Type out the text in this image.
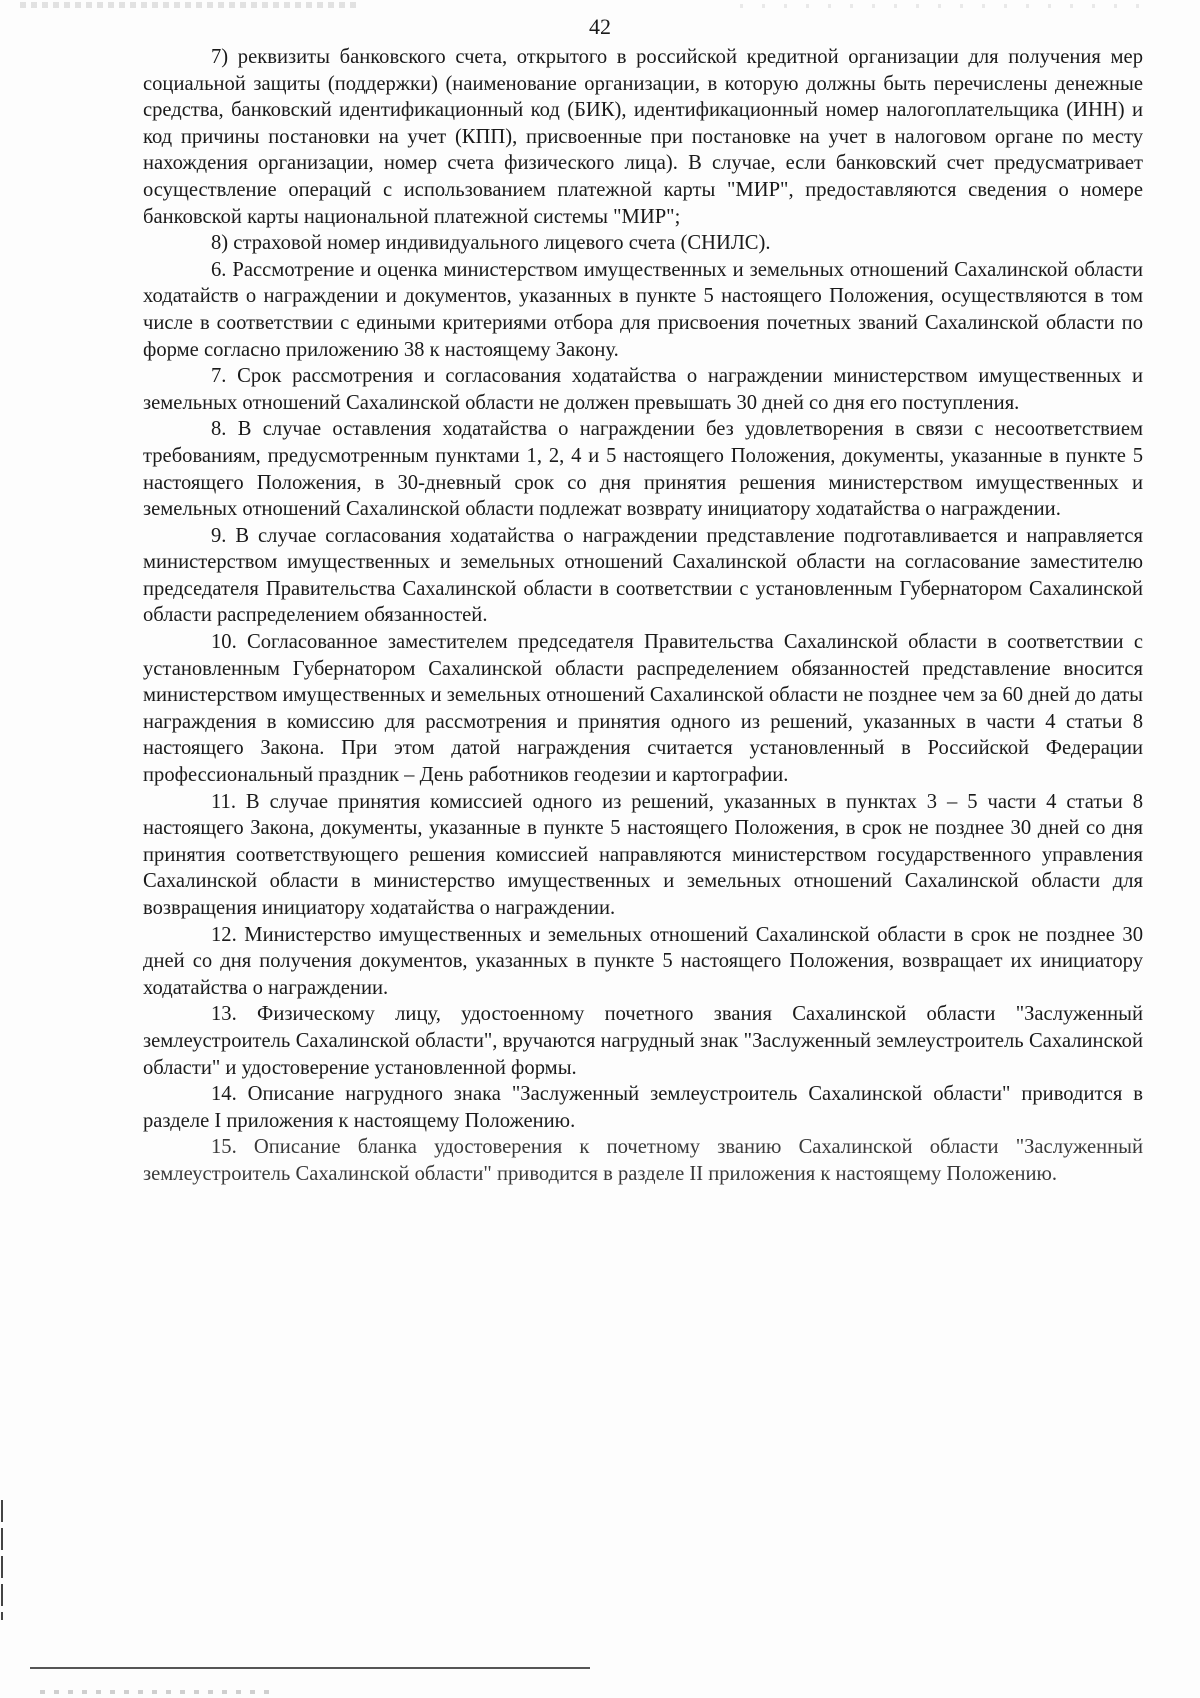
42

7) реквизиты банковского счета, открытого в российской кредитной организации для получения мер социальной защиты (поддержки) (наименование организации, в которую должны быть перечислены денежные средства, банковский идентификационный код (БИК), идентификационный номер налогоплательщика (ИНН) и код причины постановки на учет (КПП), присвоенные при постановке на учет в налоговом органе по месту нахождения организации, номер счета физического лица). В случае, если банковский счет предусматривает осуществление операций с использованием платежной карты "МИР", предоставляются сведения о номере банковской карты национальной платежной системы "МИР";

8) страховой номер индивидуального лицевого счета (СНИЛС).

6. Рассмотрение и оценка министерством имущественных и земельных отношений Сахалинской области ходатайств о награждении и документов, указанных в пункте 5 настоящего Положения, осуществляются в том числе в соответствии с едиными критериями отбора для присвоения почетных званий Сахалинской области по форме согласно приложению 38 к настоящему Закону.

7. Срок рассмотрения и согласования ходатайства о награждении министерством имущественных и земельных отношений Сахалинской области не должен превышать 30 дней со дня его поступления.

8. В случае оставления ходатайства о награждении без удовлетворения в связи с несоответствием требованиям, предусмотренным пунктами 1, 2, 4 и 5 настоящего Положения, документы, указанные в пункте 5 настоящего Положения, в 30-дневный срок со дня принятия решения министерством имущественных и земельных отношений Сахалинской области подлежат возврату инициатору ходатайства о награждении.

9. В случае согласования ходатайства о награждении представление подготавливается и направляется министерством имущественных и земельных отношений Сахалинской области на согласование заместителю председателя Правительства Сахалинской области в соответствии с установленным Губернатором Сахалинской области распределением обязанностей.

10. Согласованное заместителем председателя Правительства Сахалинской области в соответствии с установленным Губернатором Сахалинской области распределением обязанностей представление вносится министерством имущественных и земельных отношений Сахалинской области не позднее чем за 60 дней до даты награждения в комиссию для рассмотрения и принятия одного из решений, указанных в части 4 статьи 8 настоящего Закона. При этом датой награждения считается установленный в Российской Федерации профессиональный праздник – День работников геодезии и картографии.

11. В случае принятия комиссией одного из решений, указанных в пунктах 3 – 5 части 4 статьи 8 настоящего Закона, документы, указанные в пункте 5 настоящего Положения, в срок не позднее 30 дней со дня принятия соответствующего решения комиссией направляются министерством государственного управления Сахалинской области в министерство имущественных и земельных отношений Сахалинской области для возвращения инициатору ходатайства о награждении.

12. Министерство имущественных и земельных отношений Сахалинской области в срок не позднее 30 дней со дня получения документов, указанных в пункте 5 настоящего Положения, возвращает их инициатору ходатайства о награждении.

13. Физическому лицу, удостоенному почетного звания Сахалинской области "Заслуженный землеустроитель Сахалинской области", вручаются нагрудный знак "Заслуженный землеустроитель Сахалинской области" и удостоверение установленной формы.

14. Описание нагрудного знака "Заслуженный землеустроитель Сахалинской области" приводится в разделе I приложения к настоящему Положению.

15. Описание бланка удостоверения к почетному званию Сахалинской области "Заслуженный землеустроитель Сахалинской области" приводится в разделе II приложения к настоящему Положению.
